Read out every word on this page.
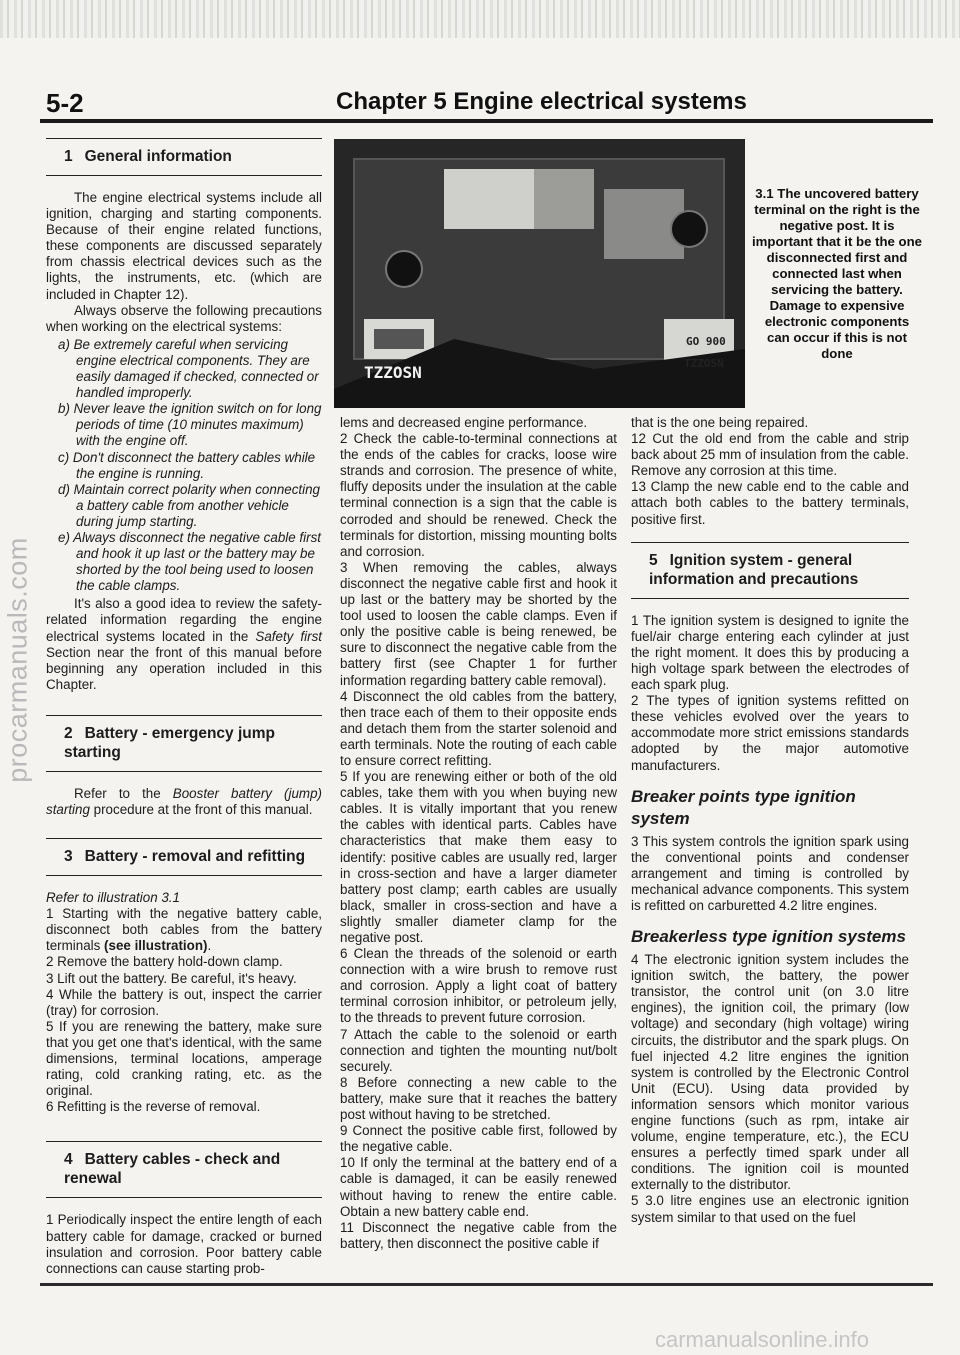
procarmanuals.com
5-2	Chapter 5 Engine electrical systems
1 General information

The engine electrical systems include all ignition, charging and starting components. Because of their engine related functions, these components are discussed separately from chassis electrical devices such as the lights, the instruments, etc. (which are included in Chapter 12).

Always observe the following precautions when working on the electrical systems:

a) Be extremely careful when servicing engine electrical components. They are easily damaged if checked, connected or handled improperly.
b) Never leave the ignition switch on for long periods of time (10 minutes maximum) with the engine off.
c) Don't disconnect the battery cables while the engine is running.
d) Maintain correct polarity when connecting a battery cable from another vehicle during jump starting.
e) Always disconnect the negative cable first and hook it up last or the battery may be shorted by the tool being used to loosen the cable clamps.

It's also a good idea to review the safety-related information regarding the engine electrical systems located in the Safety first Section near the front of this manual before beginning any operation included in this Chapter.

2 Battery - emergency jump starting

Refer to the Booster battery (jump) starting procedure at the front of this manual.

3 Battery - removal and refitting

Refer to illustration 3.1

1 Starting with the negative battery cable, disconnect both cables from the battery terminals (see illustration).

2 Remove the battery hold-down clamp.

3 Lift out the battery. Be careful, it's heavy.

4 While the battery is out, inspect the carrier (tray) for corrosion.

5 If you are renewing the battery, make sure that you get one that's identical, with the same dimensions, terminal locations, amperage rating, cold cranking rating, etc. as the original.

6 Refitting is the reverse of removal.

4 Battery cables - check and renewal

1 Periodically inspect the entire length of each battery cable for damage, cracked or burned insulation and corrosion. Poor battery cable connections can cause starting prob-

TZZOSN
GO 900
TZZOSN
3.1 The uncovered battery terminal on the right is the negative post. It is important that it be the one disconnected first and connected last when servicing the battery. Damage to expensive electronic components can occur if this is not done

lems and decreased engine performance.

2 Check the cable-to-terminal connections at the ends of the cables for cracks, loose wire strands and corrosion. The presence of white, fluffy deposits under the insulation at the cable terminal connection is a sign that the cable is corroded and should be renewed. Check the terminals for distortion, missing mounting bolts and corrosion.

3 When removing the cables, always disconnect the negative cable first and hook it up last or the battery may be shorted by the tool used to loosen the cable clamps. Even if only the positive cable is being renewed, be sure to disconnect the negative cable from the battery first (see Chapter 1 for further information regarding battery cable removal).

4 Disconnect the old cables from the battery, then trace each of them to their opposite ends and detach them from the starter solenoid and earth terminals. Note the routing of each cable to ensure correct refitting.

5 If you are renewing either or both of the old cables, take them with you when buying new cables. It is vitally important that you renew the cables with identical parts. Cables have characteristics that make them easy to identify: positive cables are usually red, larger in cross-section and have a larger diameter battery post clamp; earth cables are usually black, smaller in cross-section and have a slightly smaller diameter clamp for the negative post.

6 Clean the threads of the solenoid or earth connection with a wire brush to remove rust and corrosion. Apply a light coat of battery terminal corrosion inhibitor, or petroleum jelly, to the threads to prevent future corrosion.

7 Attach the cable to the solenoid or earth connection and tighten the mounting nut/bolt securely.

8 Before connecting a new cable to the battery, make sure that it reaches the battery post without having to be stretched.

9 Connect the positive cable first, followed by the negative cable.

10 If only the terminal at the battery end of a cable is damaged, it can be easily renewed without having to renew the entire cable. Obtain a new battery cable end.

11 Disconnect the negative cable from the battery, then disconnect the positive cable if

that is the one being repaired.

12 Cut the old end from the cable and strip back about 25 mm of insulation from the cable. Remove any corrosion at this time.

13 Clamp the new cable end to the cable and attach both cables to the battery terminals, positive first.

5 Ignition system - general information and precautions

1 The ignition system is designed to ignite the fuel/air charge entering each cylinder at just the right moment. It does this by producing a high voltage spark between the electrodes of each spark plug.

2 The types of ignition systems refitted on these vehicles evolved over the years to accommodate more strict emissions standards adopted by the major automotive manufacturers.

Breaker points type ignition system

3 This system controls the ignition spark using the conventional points and condenser arrangement and timing is controlled by mechanical advance components. This system is refitted on carburetted 4.2 litre engines.

Breakerless type ignition systems

4 The electronic ignition system includes the ignition switch, the battery, the power transistor, the control unit (on 3.0 litre engines), the ignition coil, the primary (low voltage) and secondary (high voltage) wiring circuits, the distributor and the spark plugs. On fuel injected 4.2 litre engines the ignition system is controlled by the Electronic Control Unit (ECU). Using data provided by information sensors which monitor various engine functions (such as rpm, intake air volume, engine temperature, etc.), the ECU ensures a perfectly timed spark under all conditions. The ignition coil is mounted externally to the distributor.

5 3.0 litre engines use an electronic ignition system similar to that used on the fuel

carmanualsonline.info
